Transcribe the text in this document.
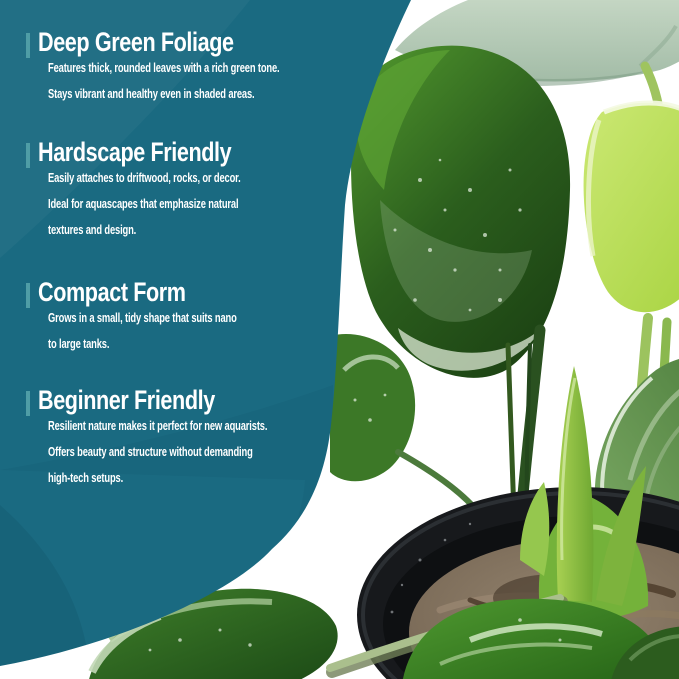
Deep Green Foliage

Features thick, rounded leaves with a rich green tone.

Stays vibrant and healthy even in shaded areas.

Hardscape Friendly

Easily attaches to driftwood, rocks, or decor.

Ideal for aquascapes that emphasize natural

textures and design.

Compact Form

Grows in a small, tidy shape that suits nano

to large tanks.

Beginner Friendly

Resilient nature makes it perfect for new aquarists.

Offers beauty and structure without demanding

high-tech setups.
